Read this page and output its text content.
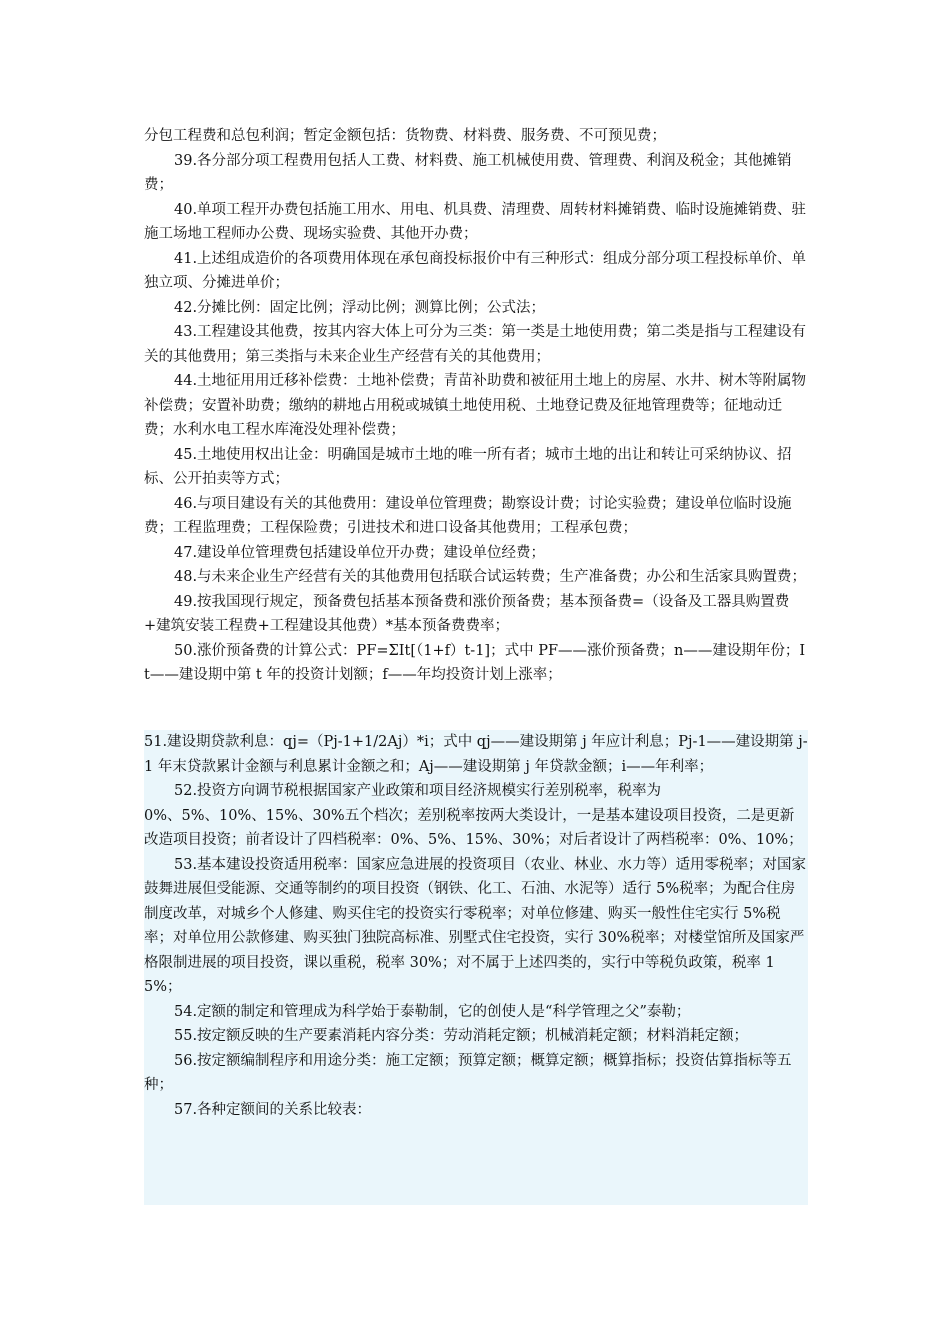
分包工程费和总包利润；暂定金额包括：货物费、材料费、服务费、不可预见费；

39.各分部分项工程费用包括人工费、材料费、施工机械使用费、管理费、利润及税金；其他摊销费；

40.单项工程开办费包括施工用水、用电、机具费、清理费、周转材料摊销费、临时设施摊销费、驻施工场地工程师办公费、现场实验费、其他开办费；

41.上述组成造价的各项费用体现在承包商投标报价中有三种形式：组成分部分项工程投标单价、单独立项、分摊进单价；

42.分摊比例：固定比例；浮动比例；测算比例；公式法；

43.工程建设其他费，按其内容大体上可分为三类：第一类是土地使用费；第二类是指与工程建设有关的其他费用；第三类指与未来企业生产经营有关的其他费用；

44.土地征用用迁移补偿费：土地补偿费；青苗补助费和被征用土地上的房屋、水井、树木等附属物补偿费；安置补助费；缴纳的耕地占用税或城镇土地使用税、土地登记费及征地管理费等；征地动迁费；水利水电工程水库淹没处理补偿费；

45.土地使用权出让金：明确国是城市土地的唯一所有者；城市土地的出让和转让可采纳协议、招标、公开拍卖等方式；

46.与项目建设有关的其他费用：建设单位管理费；勘察设计费；讨论实验费；建设单位临时设施费；工程监理费；工程保险费；引进技术和进口设备其他费用；工程承包费；

47.建设单位管理费包括建设单位开办费；建设单位经费；

48.与未来企业生产经营有关的其他费用包括联合试运转费；生产准备费；办公和生活家具购置费；

49.按我国现行规定，预备费包括基本预备费和涨价预备费；基本预备费=（设备及工器具购置费+建筑安装工程费+工程建设其他费）*基本预备费费率；

50.涨价预备费的计算公式：PF=ΣIt[（1+f）t-1]；式中 PF——涨价预备费；n——建设期年份；It——建设期中第 t 年的投资计划额；f——年均投资计划上涨率；

51.建设期贷款利息：qj=（Pj-1+1/2Aj）*i；式中 qj——建设期第 j 年应计利息；Pj-1——建设期第 j-1 年末贷款累计金额与利息累计金额之和；Aj——建设期第 j 年贷款金额；i——年利率；

52.投资方向调节税根据国家产业政策和项目经济规模实行差别税率，税率为

0%、5%、10%、15%、30%五个档次；差别税率按两大类设计，一是基本建设项目投资，二是更新改造项目投资；前者设计了四档税率：0%、5%、15%、30%；对后者设计了两档税率：0%、10%；

53.基本建设投资适用税率：国家应急进展的投资项目（农业、林业、水力等）适用零税率；对国家鼓舞进展但受能源、交通等制约的项目投资（钢铁、化工、石油、水泥等）适行 5%税率；为配合住房制度改革，对城乡个人修建、购买住宅的投资实行零税率；对单位修建、购买一般性住宅实行 5%税率；对单位用公款修建、购买独门独院高标准、别墅式住宅投资，实行 30%税率；对楼堂馆所及国家严格限制进展的项目投资，课以重税，税率 30%；对不属于上述四类的，实行中等税负政策，税率 15%；

54.定额的制定和管理成为科学始于泰勒制，它的创使人是“科学管理之父”泰勒；

55.按定额反映的生产要素消耗内容分类：劳动消耗定额；机械消耗定额；材料消耗定额；

56.按定额编制程序和用途分类：施工定额；预算定额；概算定额；概算指标；投资估算指标等五种；

57.各种定额间的关系比较表：
